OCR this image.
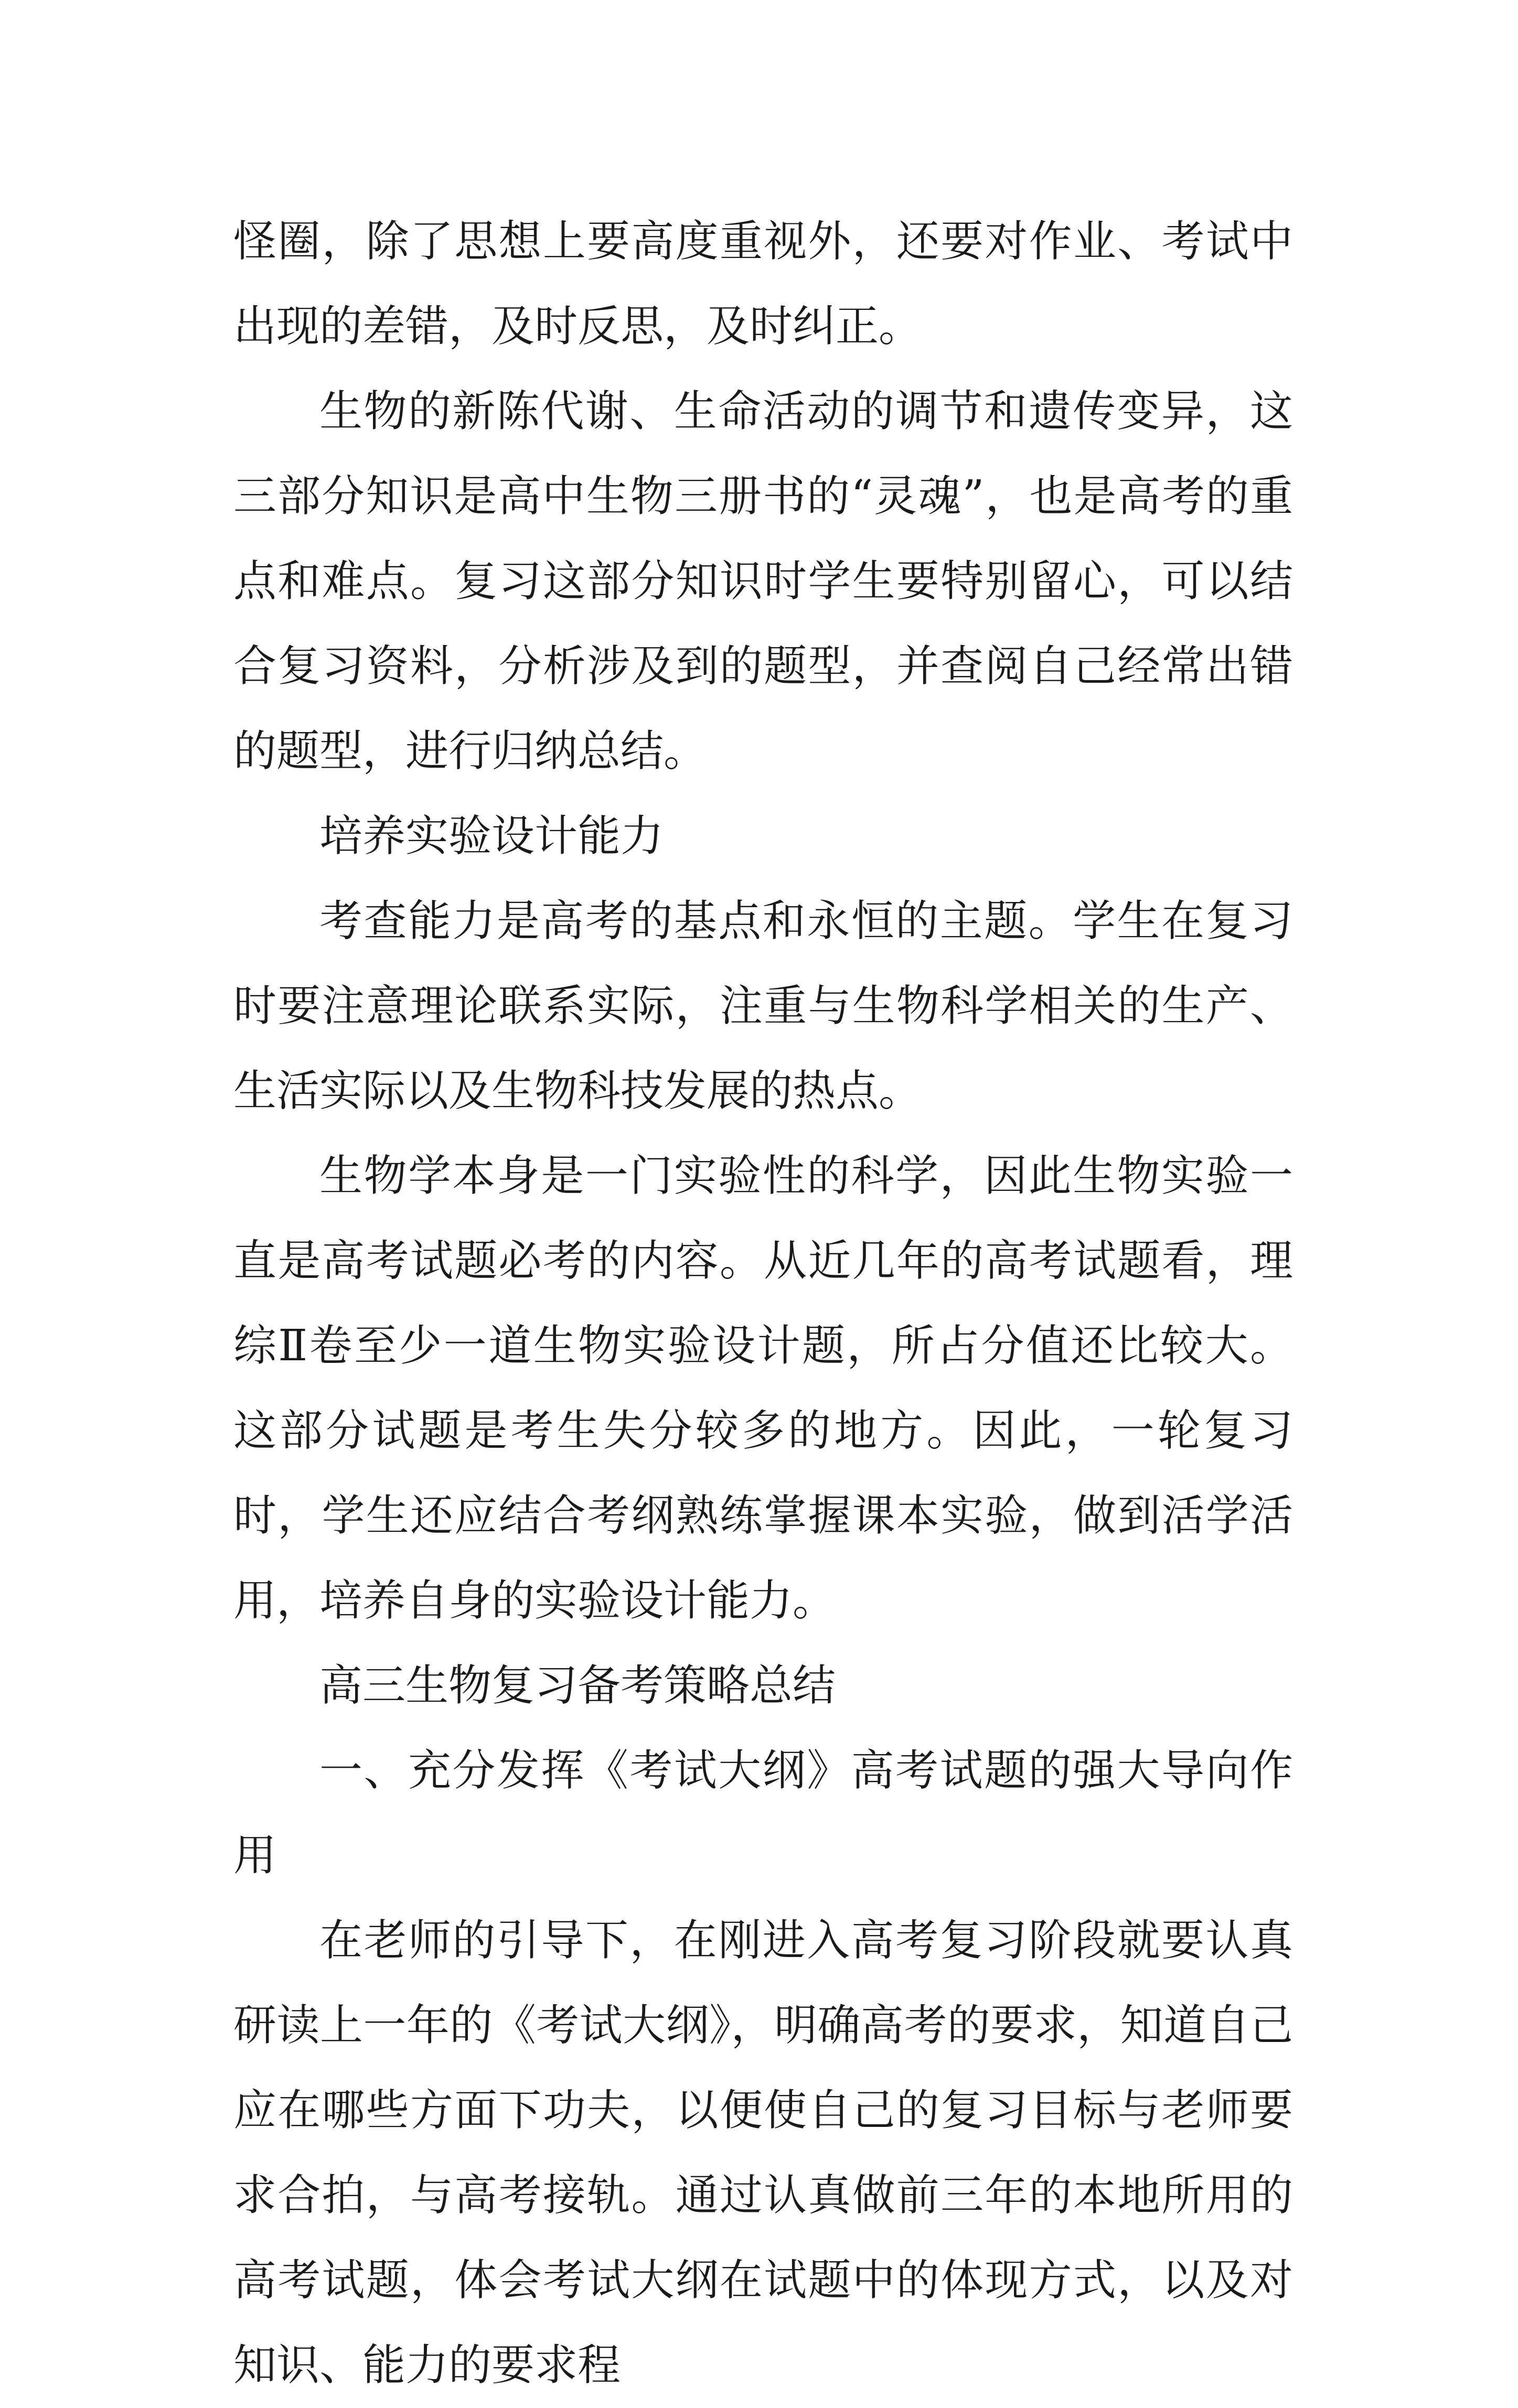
怪圈，除了思想上要高度重视外，还要对作业、考试中出现的差错，及时反思，及时纠正。

生物的新陈代谢、生命活动的调节和遗传变异，这三部分知识是高中生物三册书的“灵魂”，也是高考的重点和难点。复习这部分知识时学生要特别留心，可以结合复习资料，分析涉及到的题型，并查阅自己经常出错的题型，进行归纳总结。

培养实验设计能力

考查能力是高考的基点和永恒的主题。学生在复习时要注意理论联系实际，注重与生物科学相关的生产、生活实际以及生物科技发展的热点。

生物学本身是一门实验性的科学，因此生物实验一直是高考试题必考的内容。从近几年的高考试题看，理综Ⅱ卷至少一道生物实验设计题，所占分值还比较大。这部分试题是考生失分较多的地方。因此，一轮复习时，学生还应结合考纲熟练掌握课本实验，做到活学活用，培养自身的实验设计能力。

高三生物复习备考策略总结

一、充分发挥《考试大纲》高考试题的强大导向作用

在老师的引导下，在刚进入高考复习阶段就要认真研读上一年的《考试大纲》，明确高考的要求，知道自己应在哪些方面下功夫，以便使自己的复习目标与老师要求合拍，与高考接轨。通过认真做前三年的本地所用的高考试题，体会考试大纲在试题中的体现方式，以及对知识、能力的要求程
